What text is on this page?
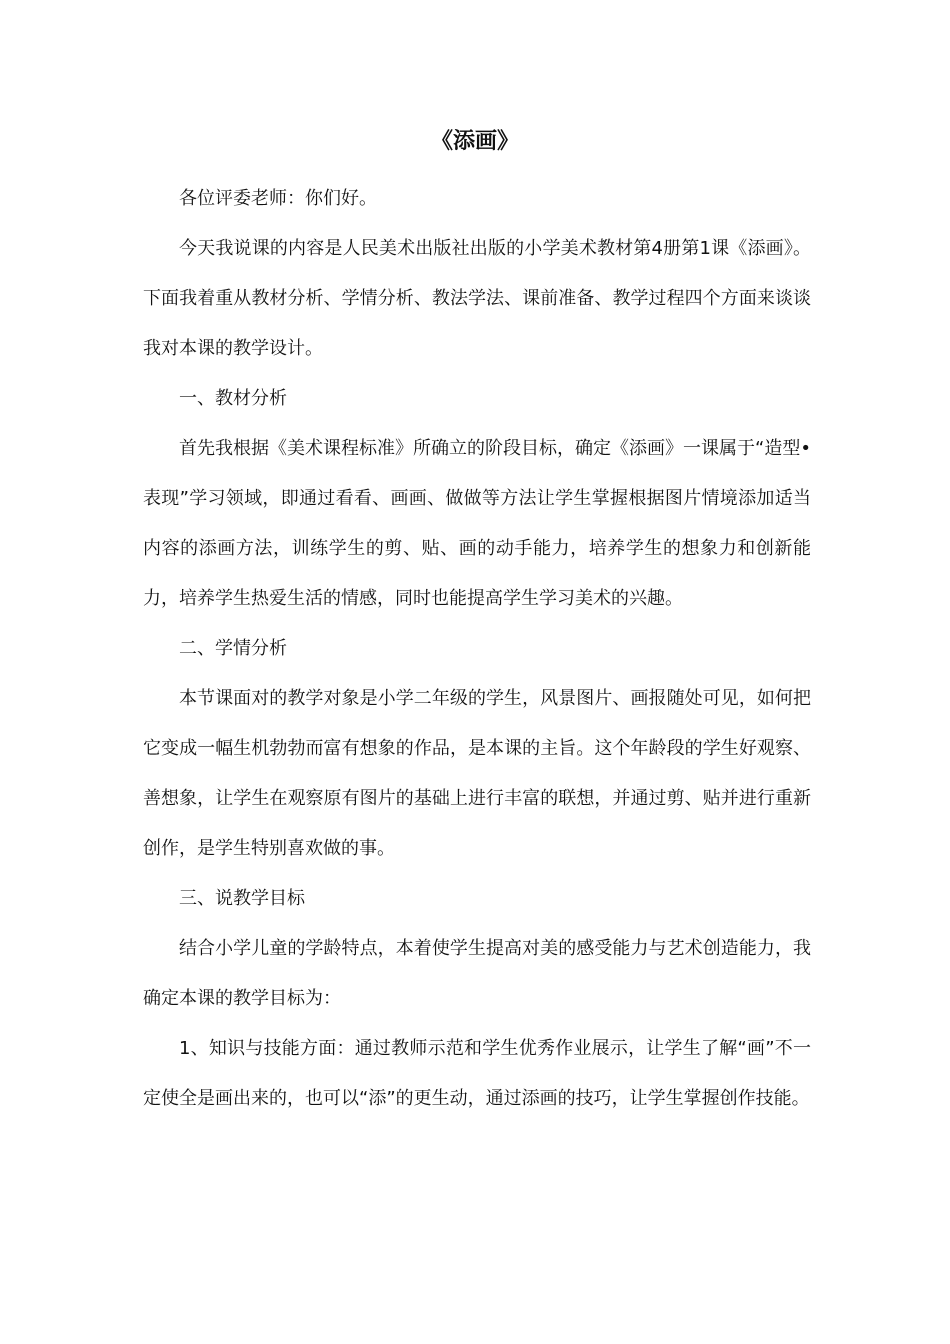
《添画》

各位评委老师：你们好。

今天我说课的内容是人民美术出版社出版的小学美术教材第4册第1课《添画》。下面我着重从教材分析、学情分析、教法学法、课前准备、教学过程四个方面来谈谈我对本课的教学设计。

一、教材分析

首先我根据《美术课程标准》所确立的阶段目标，确定《添画》一课属于“造型•表现”学习领域，即通过看看、画画、做做等方法让学生掌握根据图片情境添加适当内容的添画方法，训练学生的剪、贴、画的动手能力，培养学生的想象力和创新能力，培养学生热爱生活的情感，同时也能提高学生学习美术的兴趣。

二、学情分析

本节课面对的教学对象是小学二年级的学生，风景图片、画报随处可见，如何把它变成一幅生机勃勃而富有想象的作品，是本课的主旨。这个年龄段的学生好观察、善想象，让学生在观察原有图片的基础上进行丰富的联想，并通过剪、贴并进行重新创作，是学生特别喜欢做的事。

三、说教学目标

结合小学儿童的学龄特点，本着使学生提高对美的感受能力与艺术创造能力，我确定本课的教学目标为：

1、知识与技能方面：通过教师示范和学生优秀作业展示，让学生了解“画”不一定使全是画出来的，也可以“添”的更生动，通过添画的技巧，让学生掌握创作技能。
